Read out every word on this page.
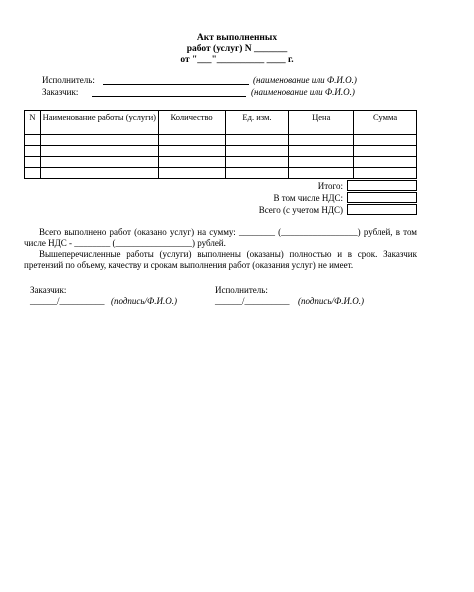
Акт выполненных
работ (услуг) N _______
от "___"__________ ____ г.
Исполнитель:	(наименование или Ф.И.О.)
Заказчик:	(наименование или Ф.И.О.)
N	Наименование работы (услуги)	Количество	Ед. изм.	Цена	Сумма

Итого:
В том числе НДС:
Всего (с учетом НДС)
Всего выполнено работ (оказано услуг) на сумму: ________ (_________________) рублей, в том числе НДС - ________ (_________________) рублей.
Вышеперечисленные работы (услуги) выполнены (оказаны) полностью и в срок. Заказчик претензий по объему, качеству и срокам выполнения работ (оказания услуг) не имеет.
Заказчик:
______/__________ (подпись/Ф.И.О.)
Исполнитель:
______/__________ (подпись/Ф.И.О.)
